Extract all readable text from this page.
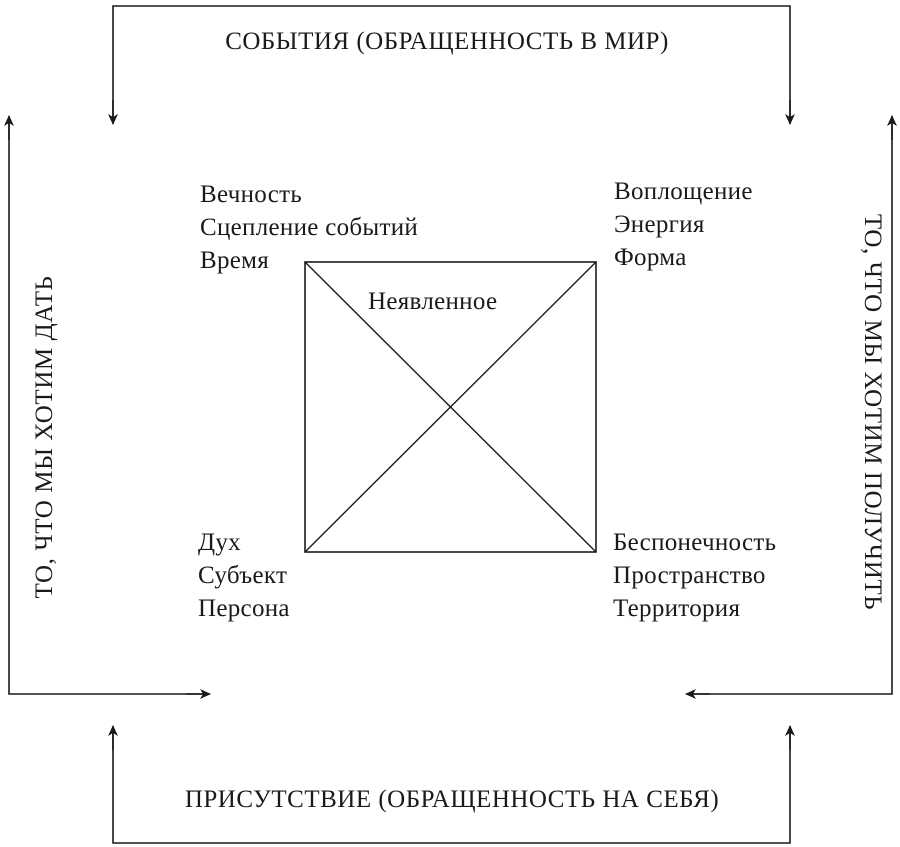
СОБЫТИЯ (ОБРАЩЕННОСТЬ В МИР)
ПРИСУТСТВИЕ (ОБРАЩЕННОСТЬ НА СЕБЯ)
ТО, ЧТО МЫ ХОТИМ ДАТЬ	ТО, ЧТО МЫ ХОТИМ ПОЛУЧИТЬ
Неявленное
Вечность
Сцепление событий
Время
Воплощение
Энергия
Форма
Дух
Субъект
Персона
Беспонечность
Пространство
Территория
